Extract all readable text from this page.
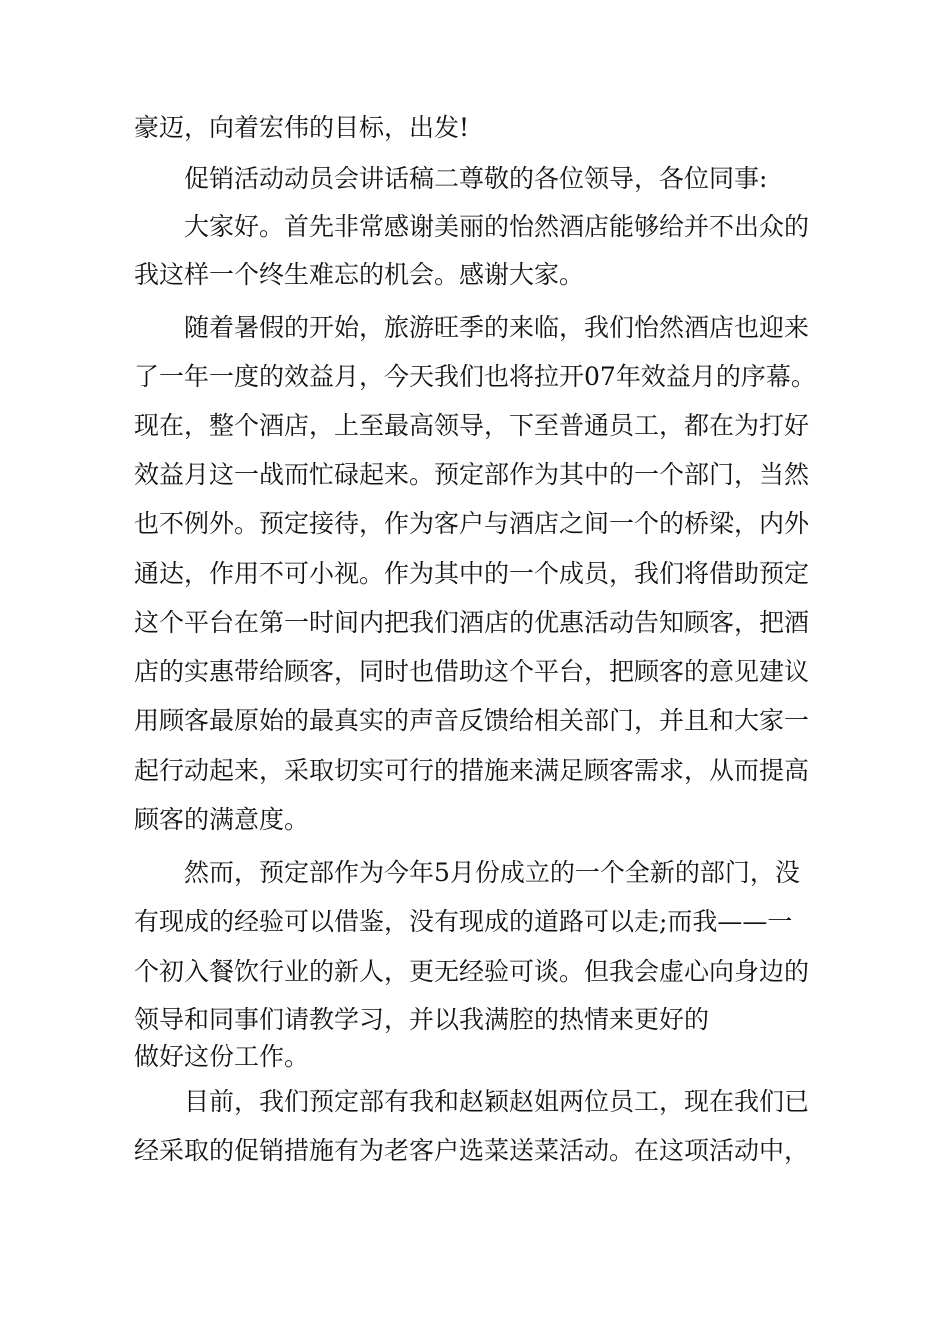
豪迈，向着宏伟的目标，出发!

促销活动动员会讲话稿二尊敬的各位领导，各位同事:

大家好。首先非常感谢美丽的怡然酒店能够给并不出众的

我这样一个终生难忘的机会。感谢大家。

随着暑假的开始，旅游旺季的来临，我们怡然酒店也迎来

了一年一度的效益月，今天我们也将拉开07年效益月的序幕。

现在，整个酒店，上至最高领导，下至普通员工，都在为打好

效益月这一战而忙碌起来。预定部作为其中的一个部门，当然

也不例外。预定接待，作为客户与酒店之间一个的桥梁，内外

通达，作用不可小视。作为其中的一个成员，我们将借助预定

这个平台在第一时间内把我们酒店的优惠活动告知顾客，把酒

店的实惠带给顾客，同时也借助这个平台，把顾客的意见建议

用顾客最原始的最真实的声音反馈给相关部门，并且和大家一

起行动起来，采取切实可行的措施来满足顾客需求，从而提高

顾客的满意度。

然而，预定部作为今年5月份成立的一个全新的部门，没

有现成的经验可以借鉴，没有现成的道路可以走;而我——一

个初入餐饮行业的新人，更无经验可谈。但我会虚心向身边的

领导和同事们请教学习，并以我满腔的热情来更好的

做好这份工作。

目前，我们预定部有我和赵颖赵姐两位员工，现在我们已

经采取的促销措施有为老客户选菜送菜活动。在这项活动中，
